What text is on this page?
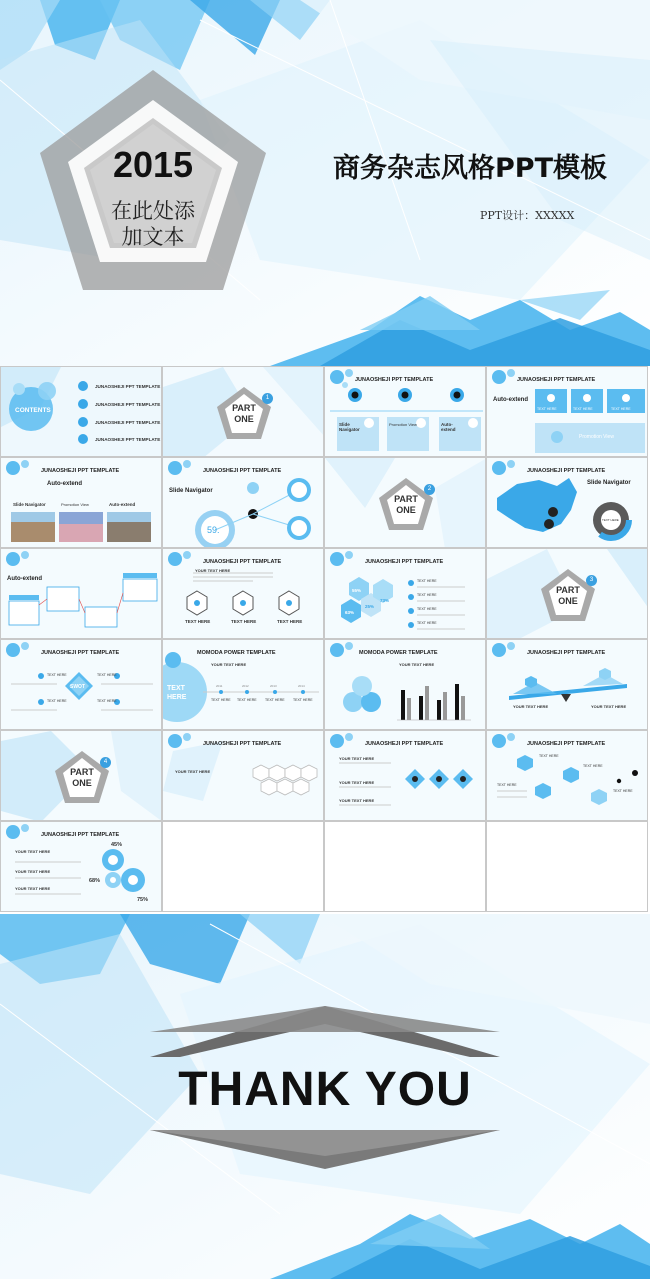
2015
在此处添
加文本
商务杂志风格PPT模板
PPT设计：XXXXX
CONTENTS
JUNAOSHEJI PPT TEMPLATE
JUNAOSHEJI PPT TEMPLATE
JUNAOSHEJI PPT TEMPLATE
JUNAOSHEJI PPT TEMPLATE
PART
ONE
1
JUNAOSHEJI PPT TEMPLATE
Slide
Navigator
Promotion View	Auto-
extend
JUNAOSHEJI PPT TEMPLATE
Auto-extend
TEXT HERE	TEXT HERE	TEXT HERE
Promotion View
JUNAOSHEJI PPT TEMPLATE
Auto-extend
Slide Navigator	Promotion View	Auto-extend
JUNAOSHEJI PPT TEMPLATE
Slide Navigator
59.
PART
ONE
2
JUNAOSHEJI PPT TEMPLATE
Slide Navigator
TEXT HERE
Auto-extend
JUNAOSHEJI PPT TEMPLATE
YOUR TEXT HERE
TEXT HERE	TEXT HERE	TEXT HERE
JUNAOSHEJI PPT TEMPLATE
55%
63%
25%
73%
TEXT HERE
TEXT HERE
TEXT HERE
TEXT HERE
PART
ONE
3
JUNAOSHEJI PPT TEMPLATE
SWOT
TEXT HERE
TEXT HERE
TEXT HERE
TEXT HERE
MOMODA POWER TEMPLATE
YOUR TEXT HERE
TEXT
HERE
2011	2012	2013	2014
TEXT HERE TEXT HERE TEXT HERE TEXT HERE
MOMODA POWER TEMPLATE
YOUR TEXT HERE
JUNAOSHEJI PPT TEMPLATE
YOUR TEXT HERE	YOUR TEXT HERE
PART
ONE
4
JUNAOSHEJI PPT TEMPLATE
YOUR TEXT HERE
JUNAOSHEJI PPT TEMPLATE
YOUR TEXT HERE
YOUR TEXT HERE
YOUR TEXT HERE
JUNAOSHEJI PPT TEMPLATE
TEXT HERE
TEXT HERE
TEXT HERE
TEXT HERE
JUNAOSHEJI PPT TEMPLATE
YOUR TEXT HERE
YOUR TEXT HERE
YOUR TEXT HERE
45%
68%
75%
THANK YOU
